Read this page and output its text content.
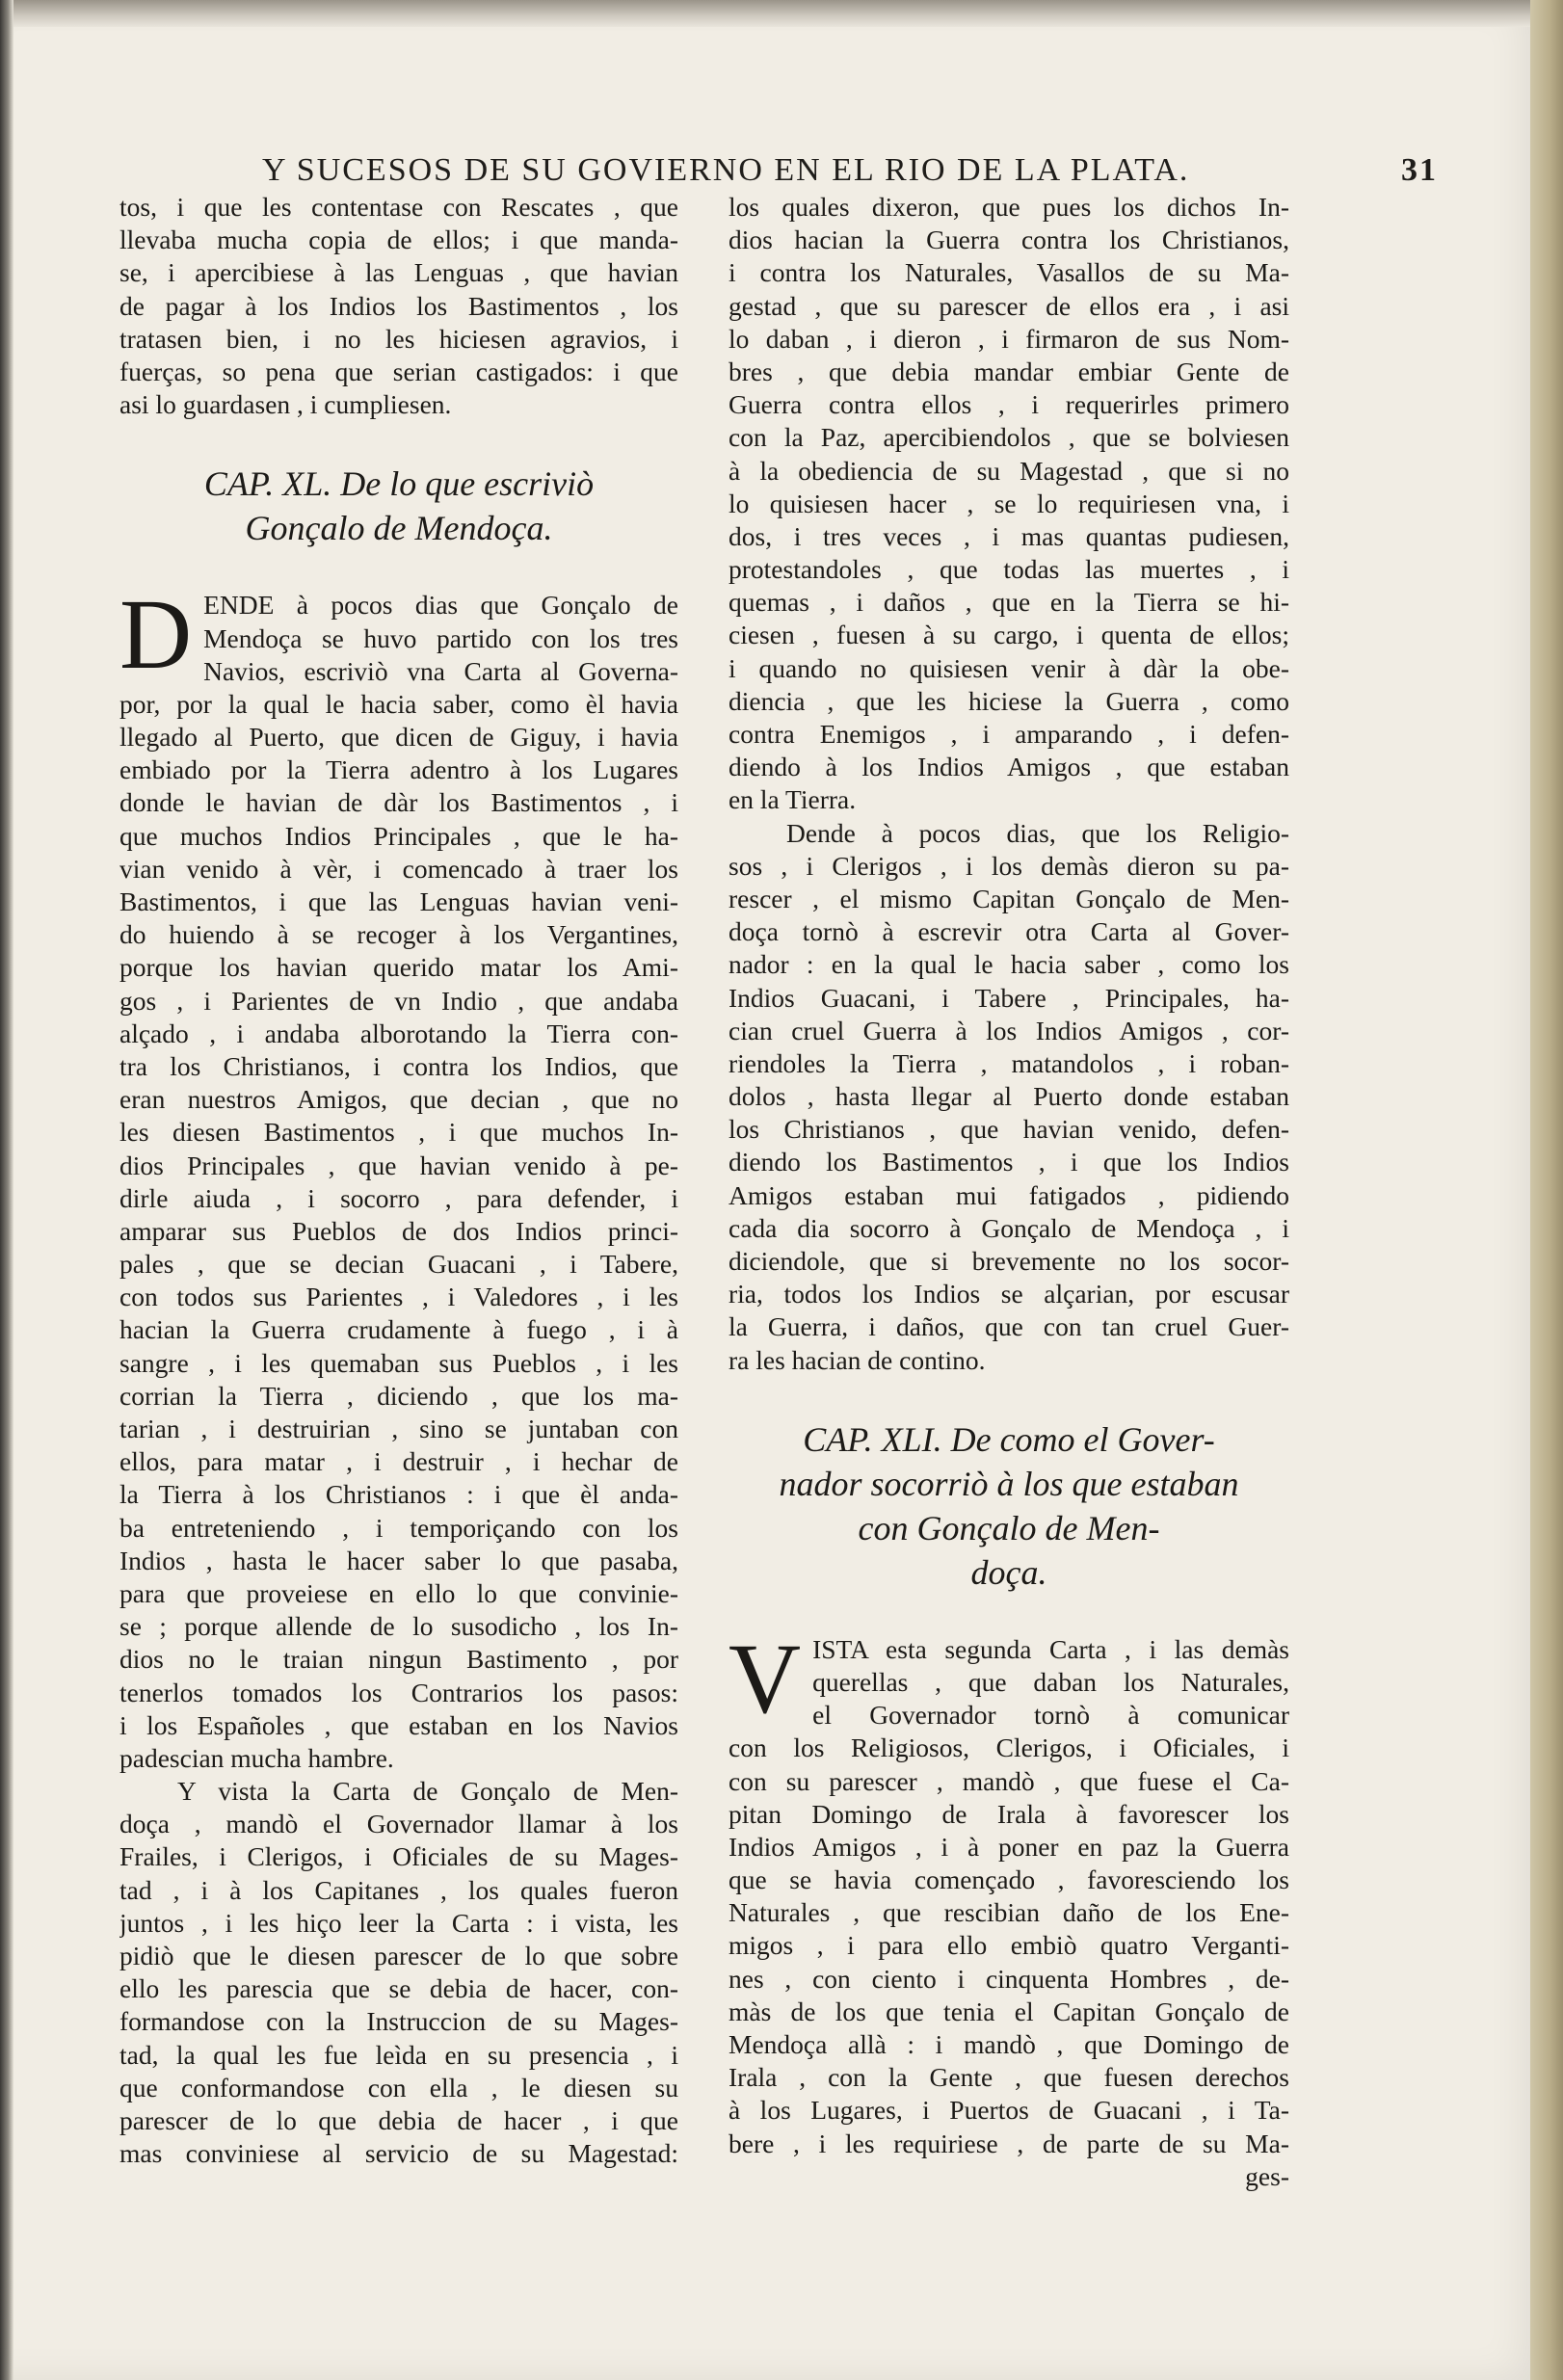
Y SUCESOS DE SU GOVIERNO EN EL RIO DE LA PLATA.	31

tos, i que les contentase con Rescates , que
llevaba mucha copia de ellos; i que manda-
se, i apercibiese à las Lenguas , que havian
de pagar à los Indios los Bastimentos , los
tratasen bien, i no les hiciesen agravios, i
fuerças, so pena que serian castigados: i que
asi lo guardasen , i cumpliesen.

CAP. XL. De lo que escriviò
Gonçalo de Mendoça.

D ENDE à pocos dias que Gonçalo de
Mendoça se huvo partido con los tres
Navios, escriviò vna Carta al Governa-
por, por la qual le hacia saber, como èl havia
llegado al Puerto, que dicen de Giguy, i havia
embiado por la Tierra adentro à los Lugares
donde le havian de dàr los Bastimentos , i
que muchos Indios Principales , que le ha-
vian venido à vèr, i comencado à traer los
Bastimentos, i que las Lenguas havian veni-
do huiendo à se recoger à los Vergantines,
porque los havian querido matar los Ami-
gos , i Parientes de vn Indio , que andaba
alçado , i andaba alborotando la Tierra con-
tra los Christianos, i contra los Indios, que
eran nuestros Amigos, que decian , que no
les diesen Bastimentos , i que muchos In-
dios Principales , que havian venido à pe-
dirle aiuda , i socorro , para defender, i
amparar sus Pueblos de dos Indios princi-
pales , que se decian Guacani , i Tabere,
con todos sus Parientes , i Valedores , i les
hacian la Guerra crudamente à fuego , i à
sangre , i les quemaban sus Pueblos , i les
corrian la Tierra , diciendo , que los ma-
tarian , i destruirian , sino se juntaban con
ellos, para matar , i destruir , i hechar de
la Tierra à los Christianos : i que èl anda-
ba entreteniendo , i temporiçando con los
Indios , hasta le hacer saber lo que pasaba,
para que proveiese en ello lo que convinie-
se ; porque allende de lo susodicho , los In-
dios no le traian ningun Bastimento , por
tenerlos tomados los Contrarios los pasos:
i los Españoles , que estaban en los Navios
padescian mucha hambre.

Y vista la Carta de Gonçalo de Men-
doça , mandò el Governador llamar à los
Frailes, i Clerigos, i Oficiales de su Mages-
tad , i à los Capitanes , los quales fueron
juntos , i les hiço leer la Carta : i vista, les
pidiò que le diesen parescer de lo que sobre
ello les parescia que se debia de hacer, con-
formandose con la Instruccion de su Mages-
tad, la qual les fue leìda en su presencia , i
que conformandose con ella , le diesen su
parescer de lo que debia de hacer , i que
mas conviniese al servicio de su Magestad:

los quales dixeron, que pues los dichos In-
dios hacian la Guerra contra los Christianos,
i contra los Naturales, Vasallos de su Ma-
gestad , que su parescer de ellos era , i asi
lo daban , i dieron , i firmaron de sus Nom-
bres , que debia mandar embiar Gente de
Guerra contra ellos , i requerirles primero
con la Paz, apercibiendolos , que se bolviesen
à la obediencia de su Magestad , que si no
lo quisiesen hacer , se lo requiriesen vna, i
dos, i tres veces , i mas quantas pudiesen,
protestandoles , que todas las muertes , i
quemas , i daños , que en la Tierra se hi-
ciesen , fuesen à su cargo, i quenta de ellos;
i quando no quisiesen venir à dàr la obe-
diencia , que les hiciese la Guerra , como
contra Enemigos , i amparando , i defen-
diendo à los Indios Amigos , que estaban
en la Tierra.

Dende à pocos dias, que los Religio-
sos , i Clerigos , i los demàs dieron su pa-
rescer , el mismo Capitan Gonçalo de Men-
doça tornò à escrevir otra Carta al Gover-
nador : en la qual le hacia saber , como los
Indios Guacani, i Tabere , Principales, ha-
cian cruel Guerra à los Indios Amigos , cor-
riendoles la Tierra , matandolos , i roban-
dolos , hasta llegar al Puerto donde estaban
los Christianos , que havian venido, defen-
diendo los Bastimentos , i que los Indios
Amigos estaban mui fatigados , pidiendo
cada dia socorro à Gonçalo de Mendoça , i
diciendole, que si brevemente no los socor-
ria, todos los Indios se alçarian, por escusar
la Guerra, i daños, que con tan cruel Guer-
ra les hacian de contino.

CAP. XLI. De como el Gover-
nador socorriò à los que estaban
con Gonçalo de Men-
doça.

V ISTA esta segunda Carta , i las demàs
querellas , que daban los Naturales,
el Governador tornò à comunicar
con los Religiosos, Clerigos, i Oficiales, i
con su parescer , mandò , que fuese el Ca-
pitan Domingo de Irala à favorescer los
Indios Amigos , i à poner en paz la Guerra
que se havia començado , favoresciendo los
Naturales , que rescibian daño de los Ene-
migos , i para ello embiò quatro Verganti-
nes , con ciento i cinquenta Hombres , de-
màs de los que tenia el Capitan Gonçalo de
Mendoça allà : i mandò , que Domingo de
Irala , con la Gente , que fuesen derechos
à los Lugares, i Puertos de Guacani , i Ta-
bere , i les requiriese , de parte de su Ma-

ges-
